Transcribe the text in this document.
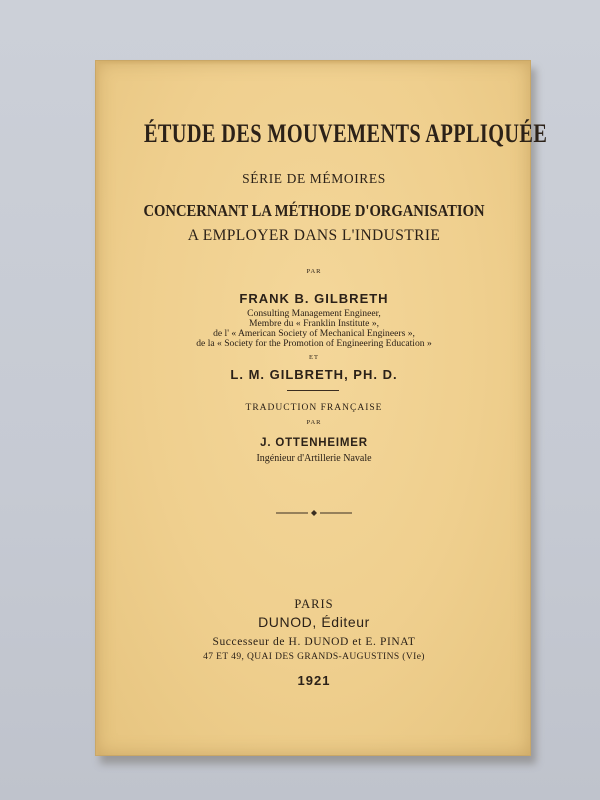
ÉTUDE DES MOUVEMENTS APPLIQUÉE
SÉRIE DE MÉMOIRES
CONCERNANT LA MÉTHODE D'ORGANISATION
A EMPLOYER DANS L'INDUSTRIE
PAR
FRANK B. GILBRETH
Consulting Management Engineer,
Membre du « Franklin Institute »,
de l' « American Society of Mechanical Engineers »,
de la « Society for the Promotion of Engineering Education »
ET
L. M. GILBRETH, PH. D.
TRADUCTION FRANÇAISE
PAR
J. OTTENHEIMER
Ingénieur d'Artillerie Navale
PARIS
DUNOD, Éditeur
Successeur de H. DUNOD et E. PINAT
47 ET 49, QUAI DES GRANDS-AUGUSTINS (VIe)
1921
